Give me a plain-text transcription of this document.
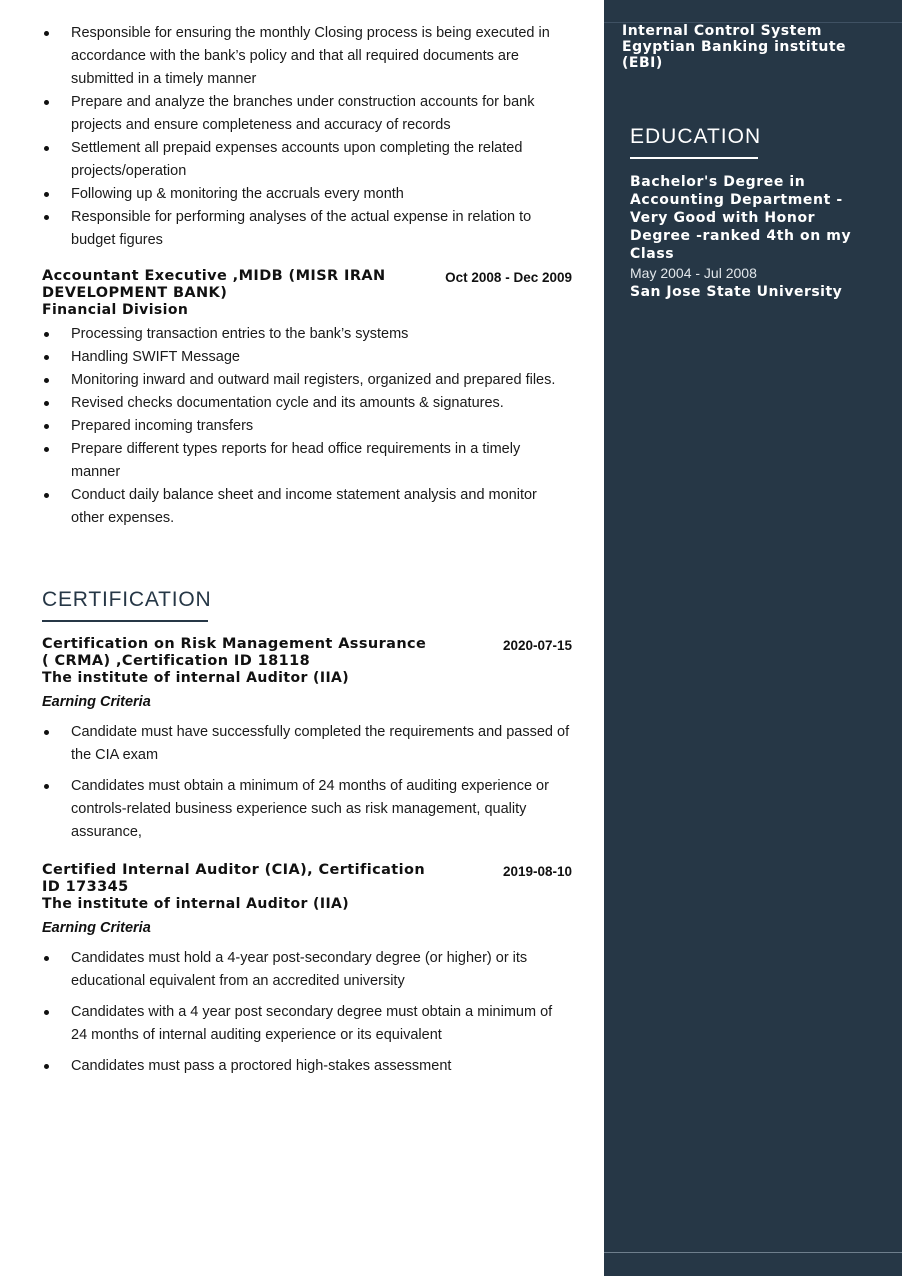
Responsible for ensuring the monthly Closing process is being executed in accordance with the bank’s policy and that all required documents are submitted in a timely manner
Prepare and analyze the branches under construction accounts for bank projects and ensure completeness and accuracy of records
Settlement all prepaid expenses accounts upon completing the related projects/operation
Following up & monitoring the accruals every month
Responsible for performing analyses of the actual expense in relation to budget figures
Accountant Executive ,MIDB (MISR IRAN DEVELOPMENT BANK)
Oct 2008 - Dec 2009
Financial Division
Processing transaction entries to the bank’s systems
Handling SWIFT Message
Monitoring inward and outward mail registers, organized and prepared files.
Revised checks documentation cycle and its amounts & signatures.
Prepared incoming transfers
Prepare different types reports for head office requirements in a timely manner
Conduct daily balance sheet and income statement analysis and monitor other expenses.
CERTIFICATION
Certification on Risk Management Assurance ( CRMA) ,Certification ID 18118
2020-07-15
The institute of internal Auditor (IIA)
Earning Criteria
Candidate must have successfully completed the requirements and passed of the CIA exam
Candidates must obtain a minimum of 24 months of auditing experience or controls-related business experience such as risk management, quality assurance,
Certified Internal Auditor (CIA), Certification ID 173345
2019-08-10
The institute of internal Auditor (IIA)
Earning Criteria
Candidates must hold a 4-year post-secondary degree (or higher) or its educational equivalent from an accredited university
Candidates with a 4 year post secondary degree must obtain a minimum of 24 months of internal auditing experience or its equivalent
Candidates must pass a proctored high-stakes assessment
Internal Control System
Egyptian Banking institute
(EBI)
EDUCATION
Bachelor's Degree in Accounting Department - Very Good with Honor Degree -ranked 4th on my Class
May 2004 - Jul 2008
San Jose State University
